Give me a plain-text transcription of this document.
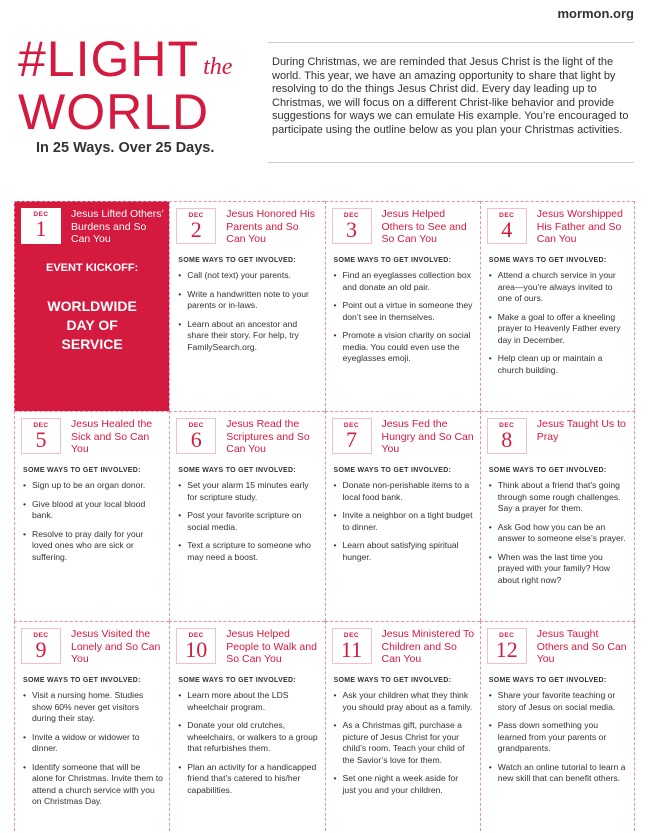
mormon.org
#LIGHT the
WORLD
In 25 Ways. Over 25 Days.

During Christmas, we are reminded that Jesus Christ is the light of the world. This year, we have an amazing opportunity to share that light by resolving to do the things Jesus Christ did. Every day leading up to Christmas, we will focus on a different Christ-like behavior and provide suggestions for ways we can emulate His example. You’re encouraged to participate using the outline below as you plan your Christmas activities.

DEC
1
Jesus Lifted Others’ Burdens and So Can You
EVENT KICKOFF:
WORLDWIDE DAY OF SERVICE
DEC
2
Jesus Honored His Parents and So Can You
SOME WAYS TO GET INVOLVED:
• Call (not text) your parents.
• Write a handwritten note to your parents or in-laws.
• Learn about an ancestor and share their story. For help, try FamilySearch.org.
DEC
3
Jesus Helped Others to See and So Can You
SOME WAYS TO GET INVOLVED:
• Find an eyeglasses collection box and donate an old pair.
• Point out a virtue in someone they don’t see in themselves.
• Promote a vision charity on social media. You could even use the eyeglasses emoji.
DEC
4
Jesus Worshipped His Father and So Can You
SOME WAYS TO GET INVOLVED:
• Attend a church service in your area—you’re always invited to one of ours.
• Make a goal to offer a kneeling prayer to Heavenly Father every day in December.
• Help clean up or maintain a church building.
DEC
5
Jesus Healed the Sick and So Can You
SOME WAYS TO GET INVOLVED:
• Sign up to be an organ donor.
• Give blood at your local blood bank.
• Resolve to pray daily for your loved ones who are sick or suffering.
DEC
6
Jesus Read the Scriptures and So Can You
SOME WAYS TO GET INVOLVED:
• Set your alarm 15 minutes early for scripture study.
• Post your favorite scripture on social media.
• Text a scripture to someone who may need a boost.
DEC
7
Jesus Fed the Hungry and So Can You
SOME WAYS TO GET INVOLVED:
• Donate non-perishable items to a local food bank.
• Invite a neighbor on a tight budget to dinner.
• Learn about satisfying spiritual hunger.
DEC
8
Jesus Taught Us to Pray
SOME WAYS TO GET INVOLVED:
• Think about a friend that’s going through some rough challenges. Say a prayer for them.
• Ask God how you can be an answer to someone else’s prayer.
• When was the last time you prayed with your family? How about right now?
DEC
9
Jesus Visited the Lonely and So Can You
SOME WAYS TO GET INVOLVED:
• Visit a nursing home. Studies show 60% never get visitors during their stay.
• Invite a widow or widower to dinner.
• Identify someone that will be alone for Christmas. Invite them to attend a church service with you on Christmas Day.
DEC
10
Jesus Helped People to Walk and So Can You
SOME WAYS TO GET INVOLVED:
• Learn more about the LDS wheelchair program.
• Donate your old crutches, wheelchairs, or walkers to a group that refurbishes them.
• Plan an activity for a handicapped friend that’s catered to his/her capabilities.
DEC
11
Jesus Ministered To Children and So Can You
SOME WAYS TO GET INVOLVED:
• Ask your children what they think you should pray about as a family.
• As a Christmas gift, purchase a picture of Jesus Christ for your child’s room. Teach your child of the Savior’s love for them.
• Set one night a week aside for just you and your children.
DEC
12
Jesus Taught Others and So Can You
SOME WAYS TO GET INVOLVED:
• Share your favorite teaching or story of Jesus on social media.
• Pass down something you learned from your parents or grandparents.
• Watch an online tutorial to learn a new skill that can benefit others.
